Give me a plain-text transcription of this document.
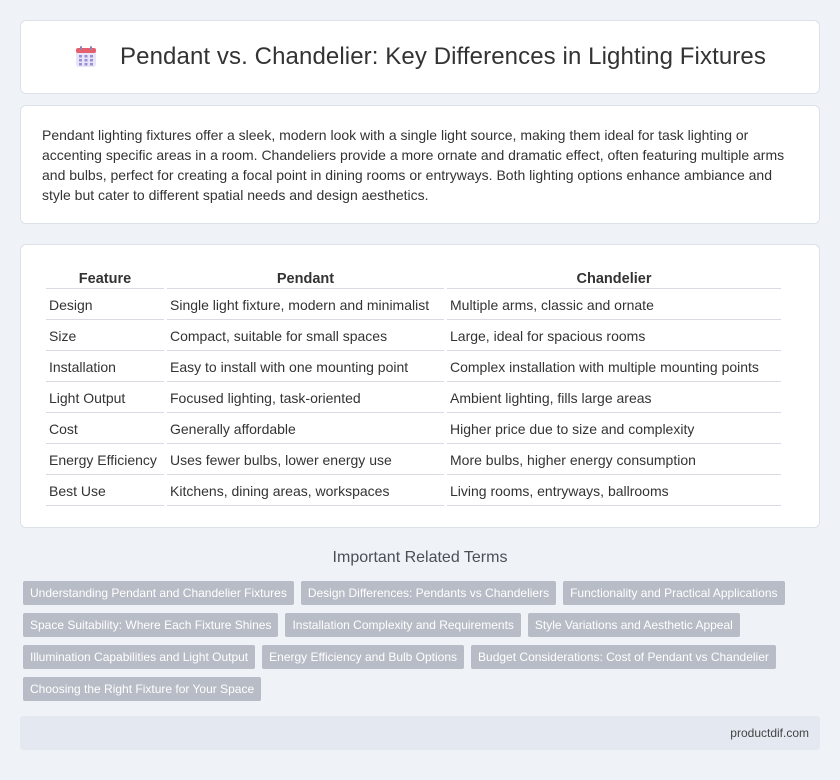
Pendant vs. Chandelier: Key Differences in Lighting Fixtures

Pendant lighting fixtures offer a sleek, modern look with a single light source, making them ideal for task lighting or accenting specific areas in a room. Chandeliers provide a more ornate and dramatic effect, often featuring multiple arms and bulbs, perfect for creating a focal point in dining rooms or entryways. Both lighting options enhance ambiance and style but cater to different spatial needs and design aesthetics.

Feature	Pendant	Chandelier
Design	Single light fixture, modern and minimalist	Multiple arms, classic and ornate
Size	Compact, suitable for small spaces	Large, ideal for spacious rooms
Installation	Easy to install with one mounting point	Complex installation with multiple mounting points
Light Output	Focused lighting, task-oriented	Ambient lighting, fills large areas
Cost	Generally affordable	Higher price due to size and complexity
Energy Efficiency	Uses fewer bulbs, lower energy use	More bulbs, higher energy consumption
Best Use	Kitchens, dining areas, workspaces	Living rooms, entryways, ballrooms
Important Related Terms
Understanding Pendant and Chandelier Fixtures	Design Differences: Pendants vs Chandeliers	Functionality and Practical Applications
Space Suitability: Where Each Fixture Shines	Installation Complexity and Requirements	Style Variations and Aesthetic Appeal
Illumination Capabilities and Light Output	Energy Efficiency and Bulb Options	Budget Considerations: Cost of Pendant vs Chandelier
Choosing the Right Fixture for Your Space
productdif.com
